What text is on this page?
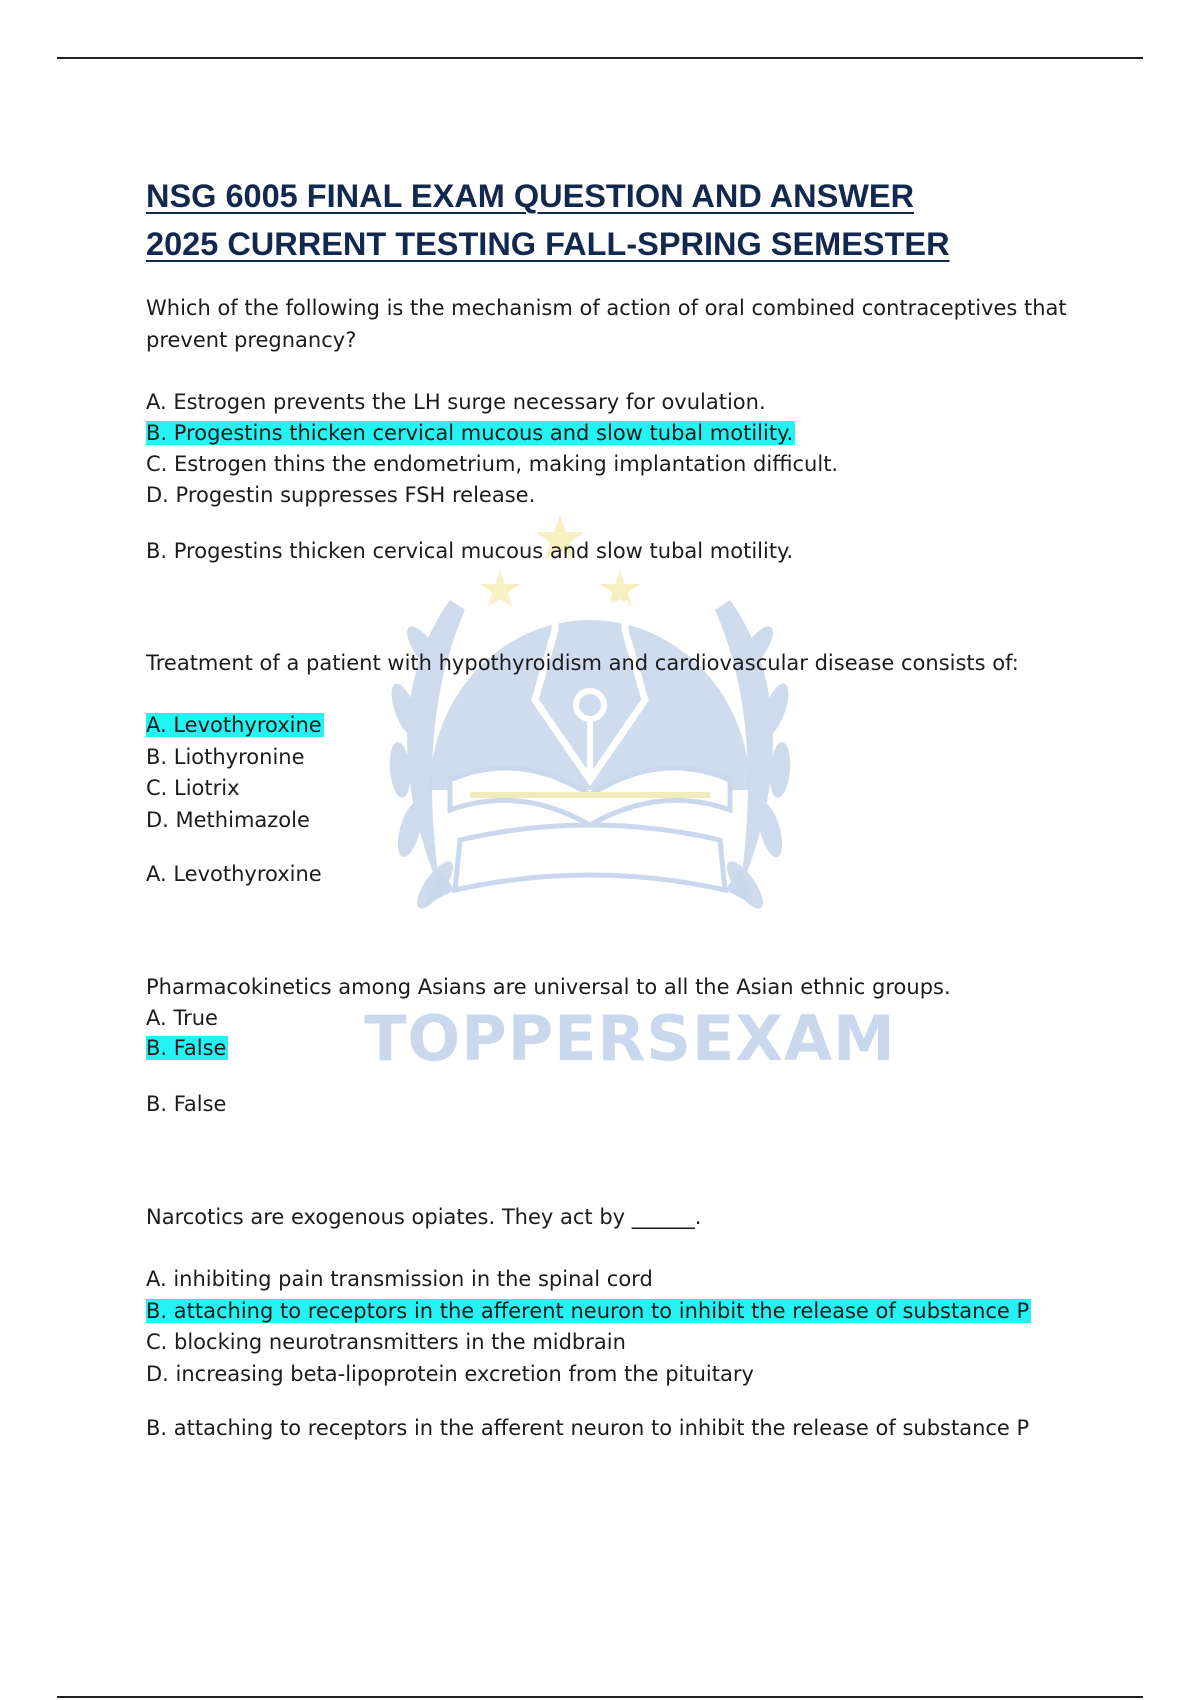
TOPPERSEXAM
NSG 6005 FINAL EXAM QUESTION AND ANSWER
2025 CURRENT TESTING FALL-SPRING SEMESTER
Which of the following is the mechanism of action of oral combined contraceptives that
prevent pregnancy?
A. Estrogen prevents the LH surge necessary for ovulation.
B. Progestins thicken cervical mucous and slow tubal motility.
C. Estrogen thins the endometrium, making implantation difficult.
D. Progestin suppresses FSH release.
B. Progestins thicken cervical mucous and slow tubal motility.
Treatment of a patient with hypothyroidism and cardiovascular disease consists of:
A. Levothyroxine
B. Liothyronine
C. Liotrix
D. Methimazole
A. Levothyroxine
Pharmacokinetics among Asians are universal to all the Asian ethnic groups.
A. True
B. False
B. False
Narcotics are exogenous opiates. They act by ______.
A. inhibiting pain transmission in the spinal cord
B. attaching to receptors in the afferent neuron to inhibit the release of substance P
C. blocking neurotransmitters in the midbrain
D. increasing beta-lipoprotein excretion from the pituitary
B. attaching to receptors in the afferent neuron to inhibit the release of substance P
